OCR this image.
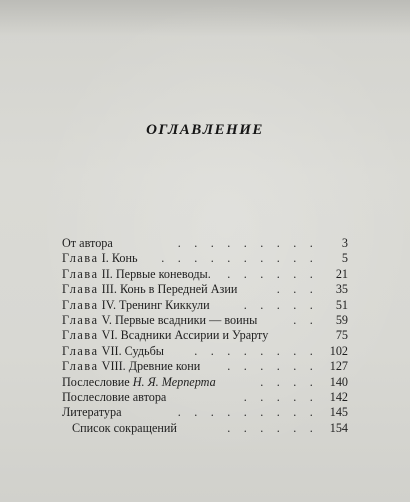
ОГЛАВЛЕНИЕ
От автора	. . . . . . . . .	3
Глава I. Конь . . . . . . . . . .	5
Глава II. Первые коневоды. . . . . . .	21
Глава III. Конь в Передней Азии	. . .	35
Глава IV. Тренинг Киккули	. . . . .	51
Глава V. Первые всадники — воины	. .	59
Глава VI. Всадники Ассирии и Урарту	75
Глава VII. Судьбы . . . . . . . . 102
Глава VIII. Древние кони . . . . . . 127
Послесловие Н. Я. Мерперта	. . . . 140
Послесловие автора	. . . . . 142
Литература	. . . . . . . . . 145
Список сокращений	. . . . . . 154
